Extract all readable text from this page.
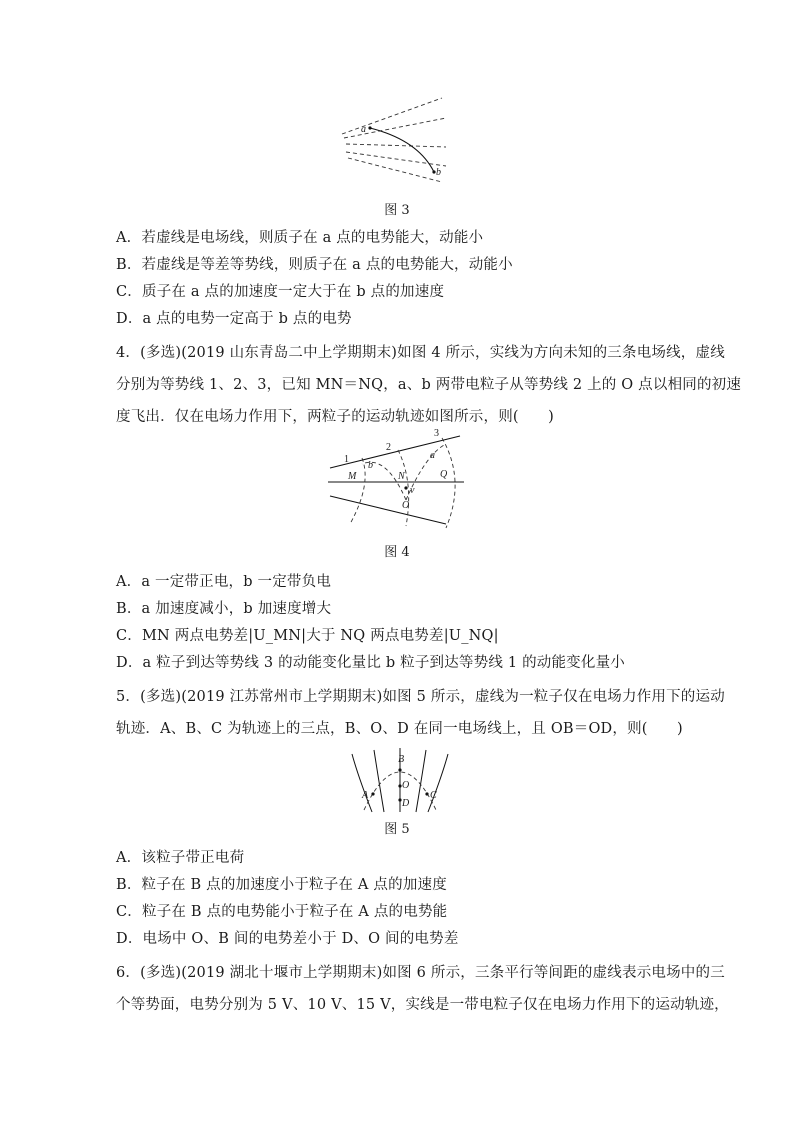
a
b
图 3
A．若虚线是电场线，则质子在 a 点的电势能大，动能小
B．若虚线是等差等势线，则质子在 a 点的电势能大，动能小
C．质子在 a 点的加速度一定大于在 b 点的加速度
D．a 点的电势一定高于 b 点的电势
4．(多选)(2019 山东青岛二中上学期期末)如图 4 所示，实线为方向未知的三条电场线，虚线
分别为等势线 1、2、3，已知 MN＝NQ，a、b 两带电粒子从等势线 2 上的 O 点以相同的初速
度飞出．仅在电场力作用下，两粒子的运动轨迹如图所示，则(　　)
1
2
3
M	N	Q
O
b
a
v
图 4
A．a 一定带正电，b 一定带负电
B．a 加速度减小，b 加速度增大
C．MN 两点电势差|U_MN|大于 NQ 两点电势差|U_NQ|
D．a 粒子到达等势线 3 的动能变化量比 b 粒子到达等势线 1 的动能变化量小
5．(多选)(2019 江苏常州市上学期期末)如图 5 所示，虚线为一粒子仅在电场力作用下的运动
轨迹．A、B、C 为轨迹上的三点，B、O、D 在同一电场线上，且 OB＝OD，则(　　)
A
B
C
O
D
图 5
A．该粒子带正电荷
B．粒子在 B 点的加速度小于粒子在 A 点的加速度
C．粒子在 B 点的电势能小于粒子在 A 点的电势能
D．电场中 O、B 间的电势差小于 D、O 间的电势差
6．(多选)(2019 湖北十堰市上学期期末)如图 6 所示，三条平行等间距的虚线表示电场中的三
个等势面，电势分别为 5 V、10 V、15 V，实线是一带电粒子仅在电场力作用下的运动轨迹，
